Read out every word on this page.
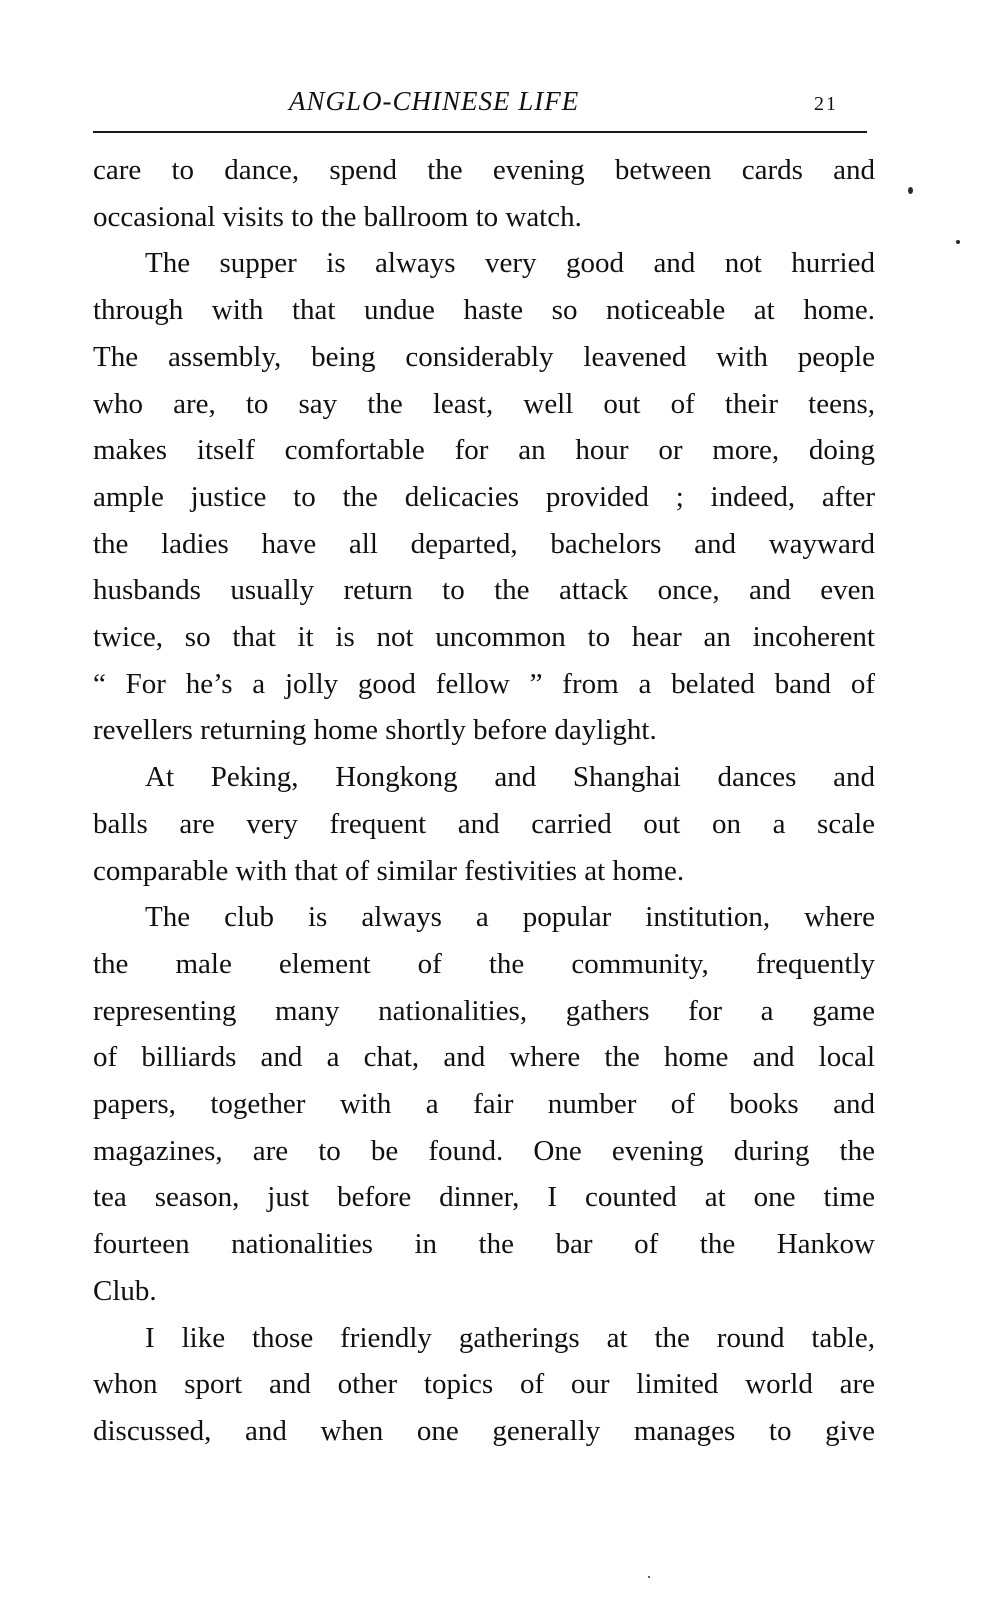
ANGLO-CHINESE LIFE	21

care to dance, spend the evening between cards and

occasional visits to the ballroom to watch.

The supper is always very good and not hurried

through with that undue haste so noticeable at home.

The assembly, being considerably leavened with people

who are, to say the least, well out of their teens,

makes itself comfortable for an hour or more, doing

ample justice to the delicacies provided ; indeed, after

the ladies have all departed, bachelors and wayward

husbands usually return to the attack once, and even

twice, so that it is not uncommon to hear an incoherent

“ For he’s a jolly good fellow ” from a belated band of

revellers returning home shortly before daylight.

At Peking, Hongkong and Shanghai dances and

balls are very frequent and carried out on a scale

comparable with that of similar festivities at home.

The club is always a popular institution, where

the male element of the community, frequently

representing many nationalities, gathers for a game

of billiards and a chat, and where the home and local

papers, together with a fair number of books and

magazines, are to be found. One evening during the

tea season, just before dinner, I counted at one time

fourteen nationalities in the bar of the Hankow

Club.

I like those friendly gatherings at the round table,

whon sport and other topics of our limited world are

discussed, and when one generally manages to give
